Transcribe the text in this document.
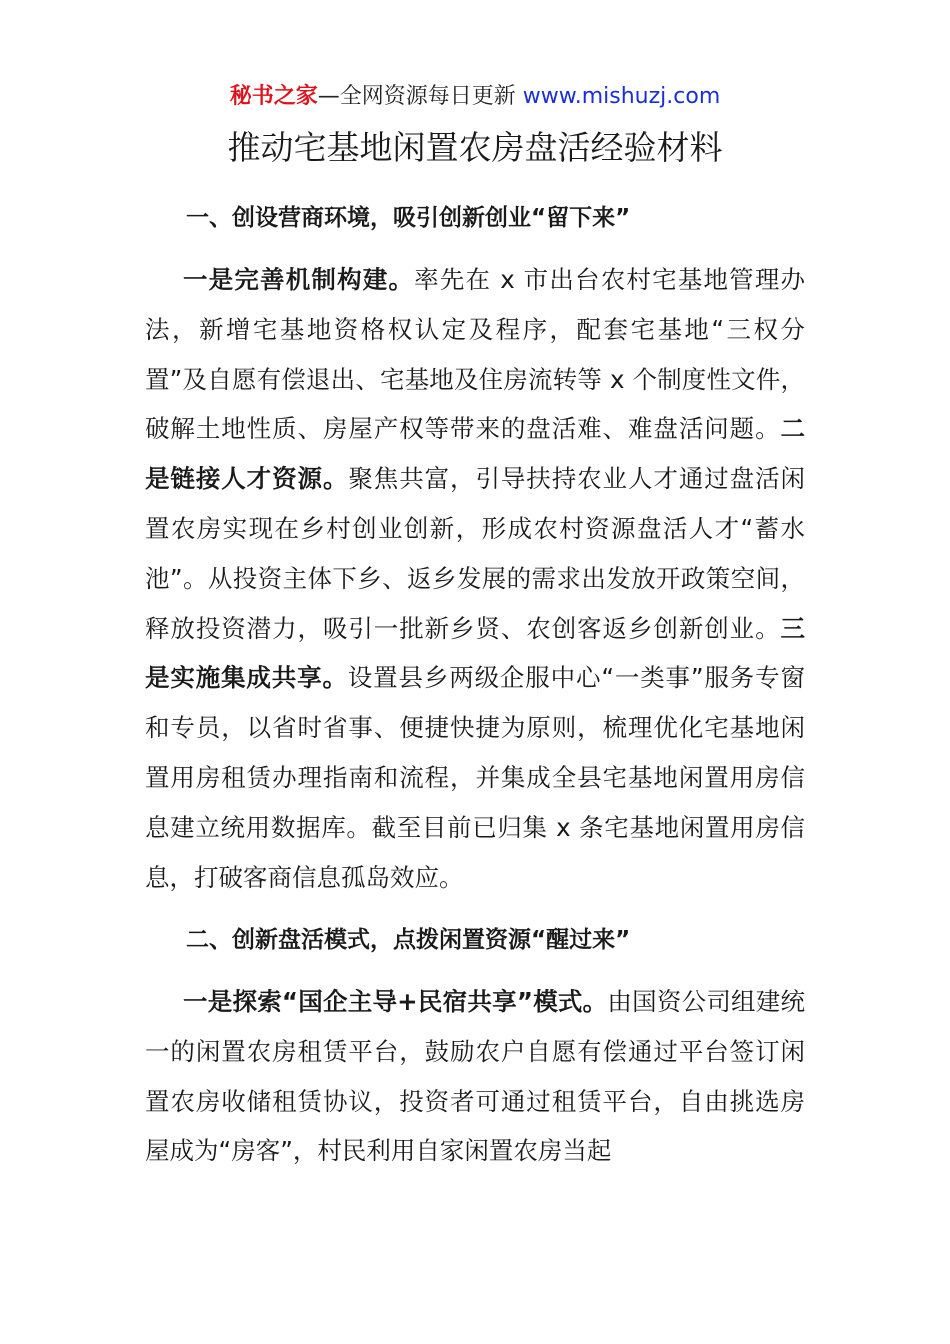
秘书之家—全网资源每日更新 www.mishuzj.com
推动宅基地闲置农房盘活经验材料
一、创设营商环境，吸引创新创业“留下来”

一是完善机制构建。率先在 x 市出台农村宅基地管理办法，新增宅基地资格权认定及程序，配套宅基地“三权分置”及自愿有偿退出、宅基地及住房流转等 x 个制度性文件，破解土地性质、房屋产权等带来的盘活难、难盘活问题。二是链接人才资源。聚焦共富，引导扶持农业人才通过盘活闲置农房实现在乡村创业创新，形成农村资源盘活人才“蓄水池”。从投资主体下乡、返乡发展的需求出发放开政策空间，释放投资潜力，吸引一批新乡贤、农创客返乡创新创业。三是实施集成共享。设置县乡两级企服中心“一类事”服务专窗和专员，以省时省事、便捷快捷为原则，梳理优化宅基地闲置用房租赁办理指南和流程，并集成全县宅基地闲置用房信息建立统用数据库。截至目前已归集 x 条宅基地闲置用房信息，打破客商信息孤岛效应。

二、创新盘活模式，点拨闲置资源“醒过来”

一是探索“国企主导+民宿共享”模式。由国资公司组建统一的闲置农房租赁平台，鼓励农户自愿有偿通过平台签订闲置农房收储租赁协议，投资者可通过租赁平台，自由挑选房屋成为“房客”，村民利用自家闲置农房当起
